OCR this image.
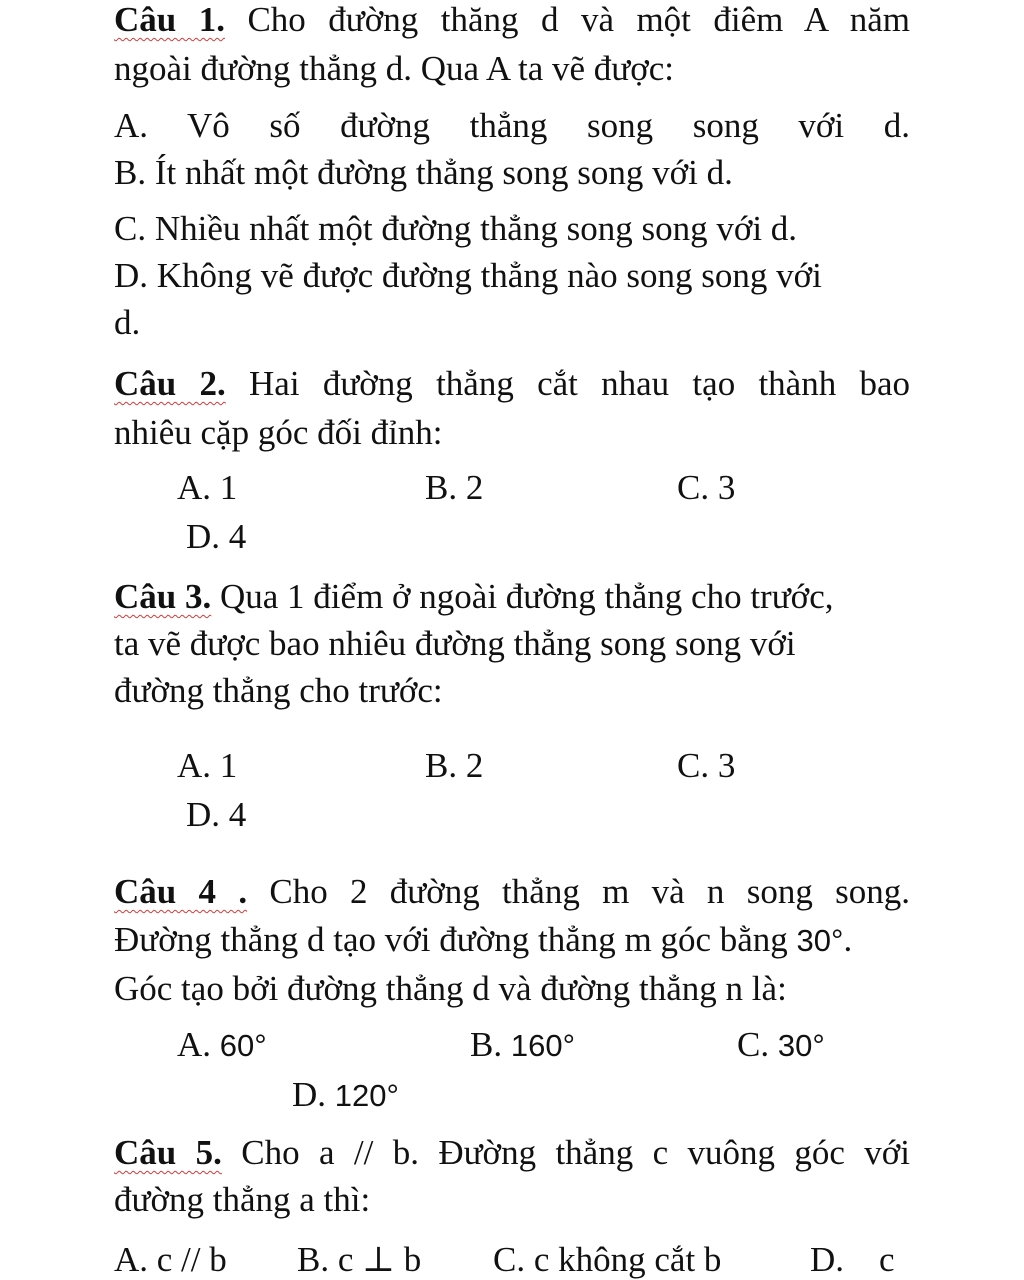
Câu 1. Cho đường thăng d và một điêm A năm
ngoài đường thẳng d. Qua A ta vẽ được:
A. Vô số đường thẳng song song với d.
B. Ít nhất một đường thẳng song song với d.
C. Nhiều nhất một đường thẳng song song với d.
D. Không vẽ được đường thẳng nào song song với
d.
Câu 2. Hai đường thẳng cắt nhau tạo thành bao
nhiêu cặp góc đối đỉnh:
A. 1	B. 2	C. 3
D. 4
Câu 3. Qua 1 điểm ở ngoài đường thẳng cho trước,
ta vẽ được bao nhiêu đường thẳng song song với
đường thẳng cho trước:
A. 1	B. 2	C. 3
D. 4
Câu 4 . Cho 2 đường thẳng m và n song song.
Đường thẳng d tạo với đường thẳng m góc bằng 30°.
Góc tạo bởi đường thẳng d và đường thẳng n là:
A. 60°	B. 160°	C. 30°
D. 120°
Câu 5. Cho a // b. Đường thẳng c vuông góc với
đường thẳng a thì:
A. c // b B. c ⊥ b C. c không cắt b	D.    c
